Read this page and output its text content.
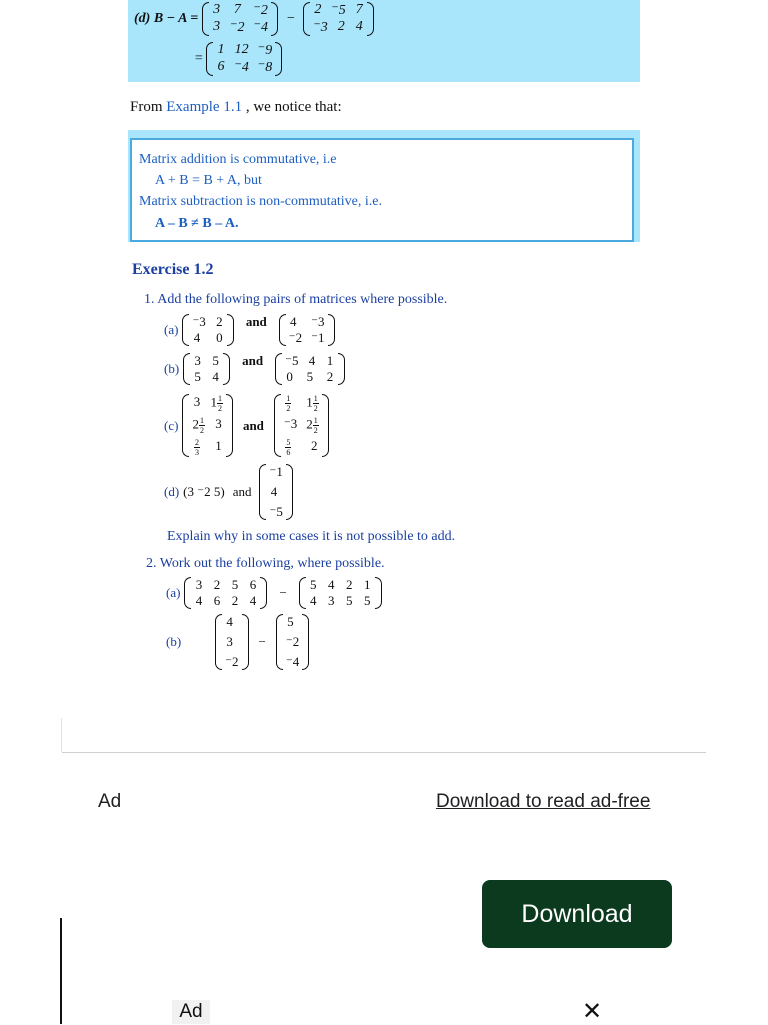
(d) B − A =
3 7 ⁻2
3 ⁻2 ⁻4
−
2 ⁻5 7
⁻3 2 4
=
1 12 ⁻9
6 ⁻4 ⁻8
From Example 1.1 , we notice that:
Matrix addition is commutative, i.e
A + B = B + A, but
Matrix subtraction is non-commutative, i.e.
A – B ≠ B – A.
Exercise 1.2
1. Add the following pairs of matrices where possible.
(a)
⁻3 2
4 0
and 4 ⁻3
⁻2 ⁻1
(b)
3 5
5 4
and ⁻5 4 1
0 5 2
(c)
3 $1 \frac{1}{2}$
$2 \frac{1}{2} 3$
$\frac{2}{3} 1$
and
$\frac{1}{2} 1 \frac{1}{2}$
⁻3 $2 \frac{1}{2}$
$\frac{5}{6} 2$
(d) (3 ⁻2 5) and
⁻1
4
⁻5
Explain why in some cases it is not possible to add.
2. Work out the following, where possible.
(a)
3 2 5 6
4 6 2 4
−
5 4 2 1
4 3 5 5
(b)
4
3
⁻2
−
5
⁻2
⁻4
Ad	Download to read ad-free
Download
Ad	✕
